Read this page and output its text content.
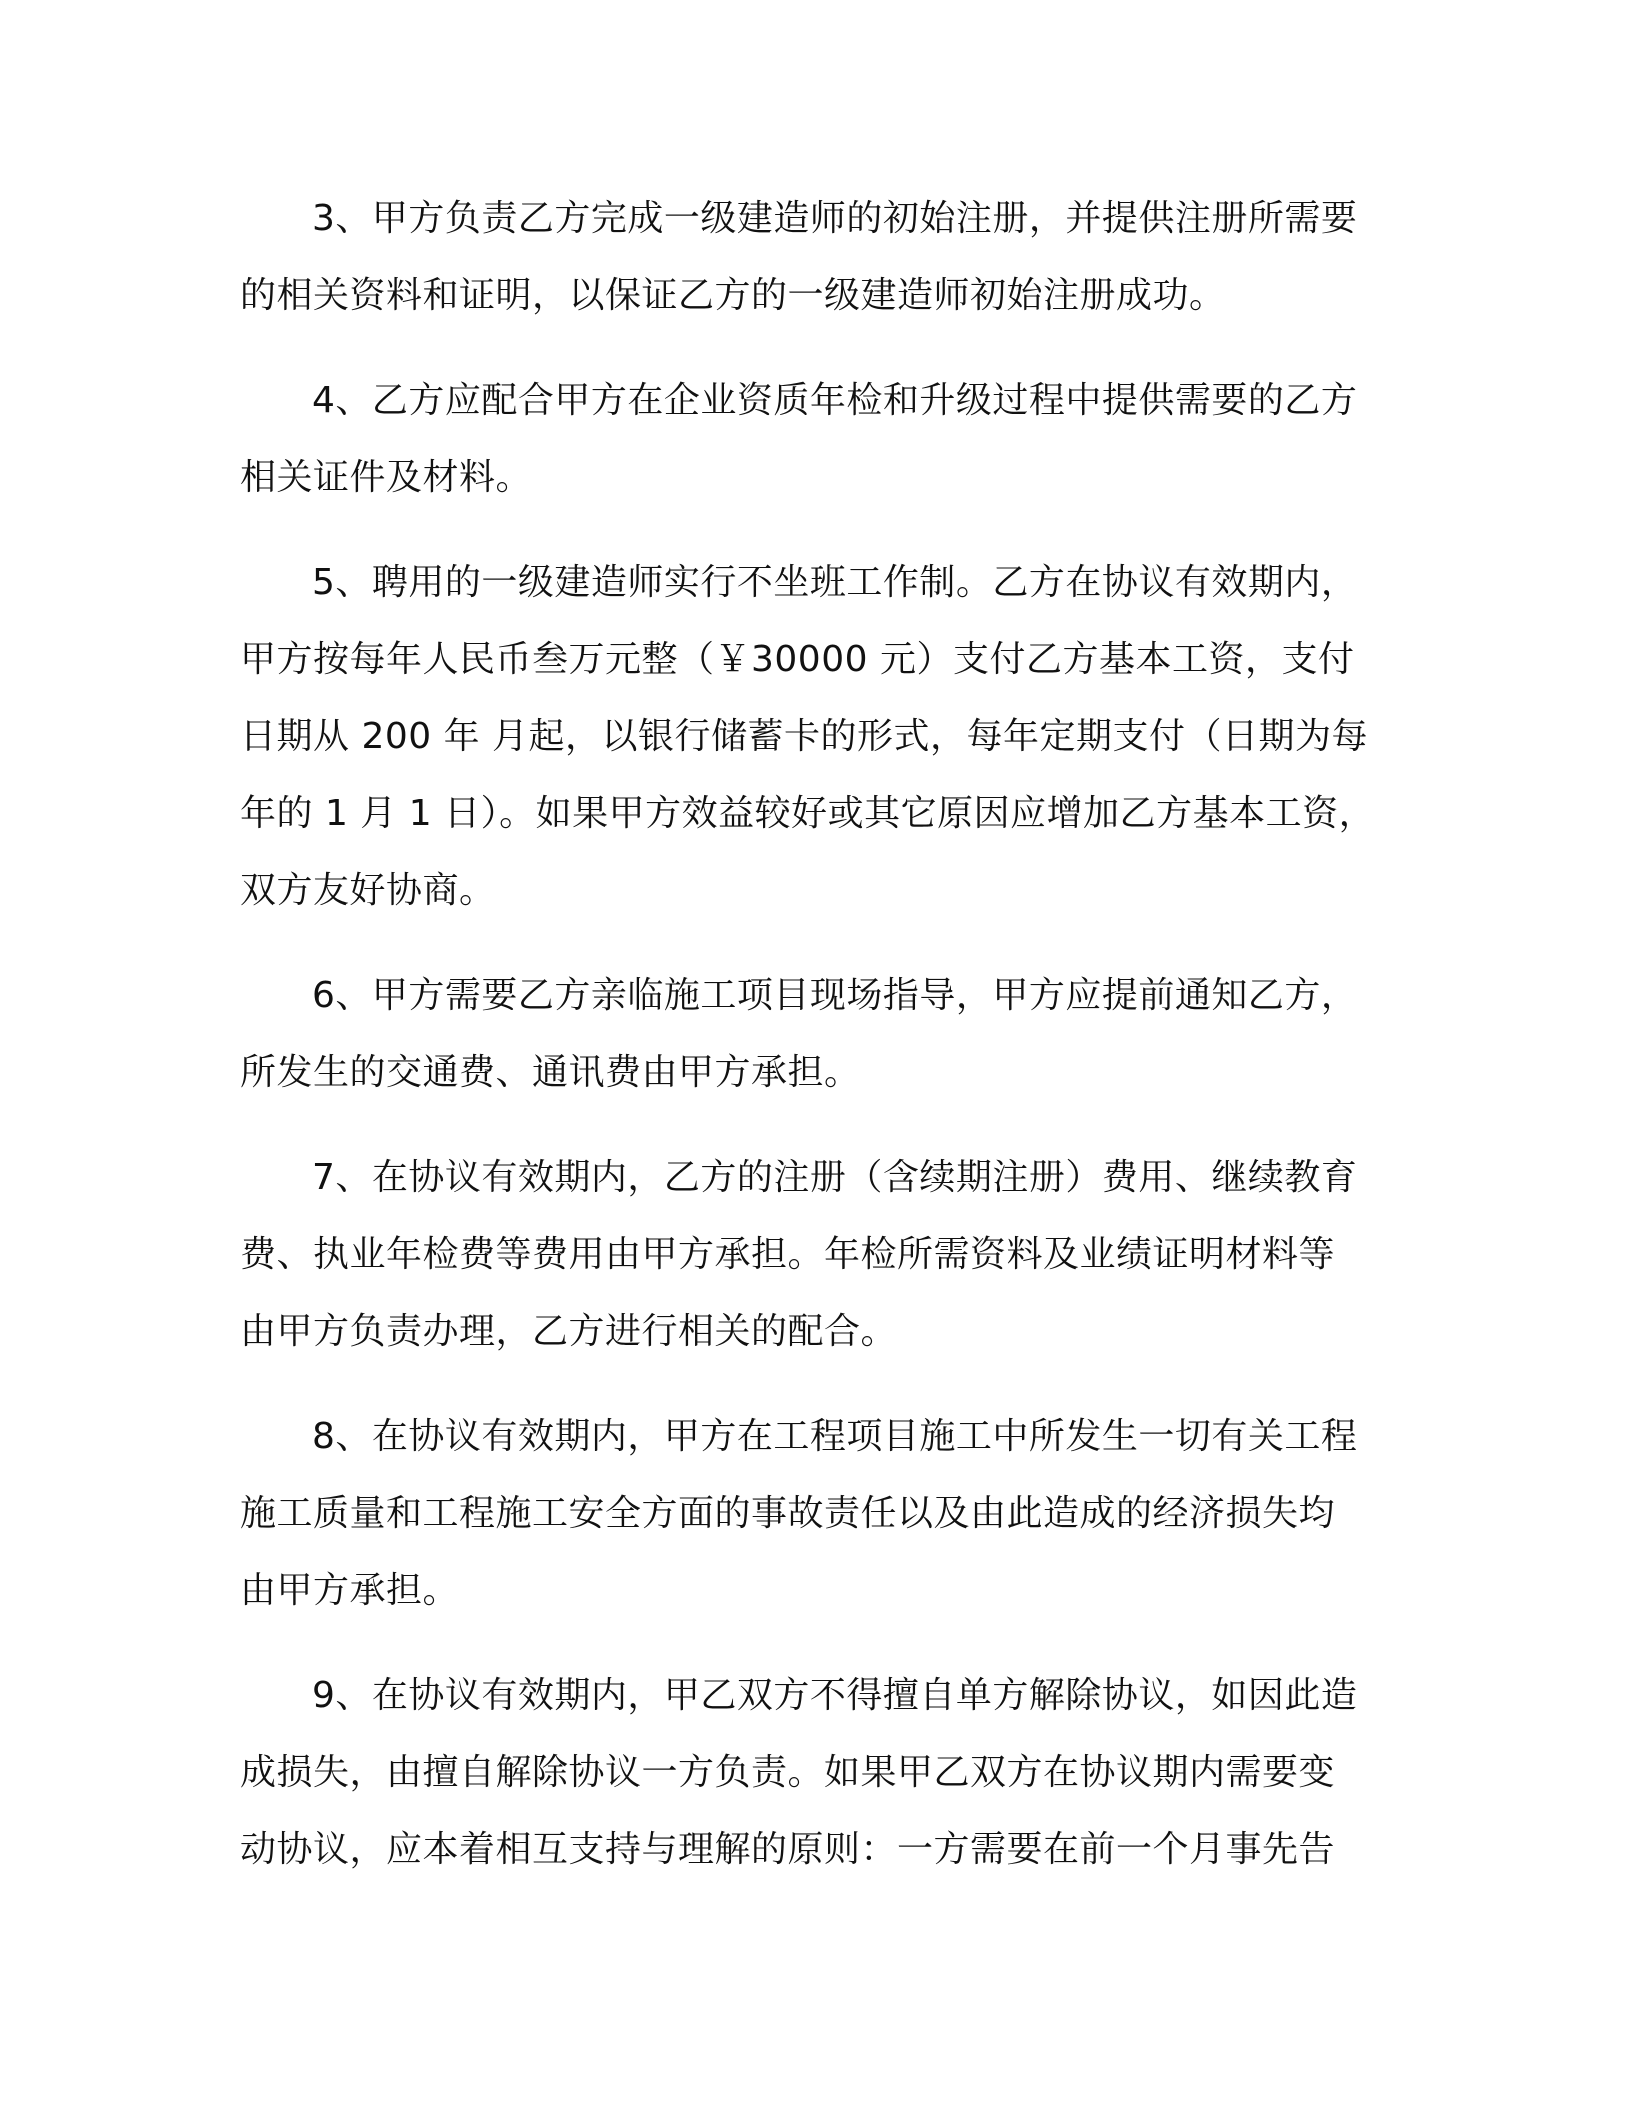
3、甲方负责乙方完成一级建造师的初始注册，并提供注册所需要
的相关资料和证明，以保证乙方的一级建造师初始注册成功。
4、乙方应配合甲方在企业资质年检和升级过程中提供需要的乙方
相关证件及材料。
5、聘用的一级建造师实行不坐班工作制。乙方在协议有效期内，
甲方按每年人民币叁万元整（￥30000 元）支付乙方基本工资，支付
日期从 200 年 月起，以银行储蓄卡的形式，每年定期支付（日期为每
年的 1 月 1 日）。如果甲方效益较好或其它原因应增加乙方基本工资，
双方友好协商。
6、甲方需要乙方亲临施工项目现场指导，甲方应提前通知乙方，
所发生的交通费、通讯费由甲方承担。
7、在协议有效期内，乙方的注册（含续期注册）费用、继续教育
费、执业年检费等费用由甲方承担。年检所需资料及业绩证明材料等
由甲方负责办理，乙方进行相关的配合。
8、在协议有效期内，甲方在工程项目施工中所发生一切有关工程
施工质量和工程施工安全方面的事故责任以及由此造成的经济损失均
由甲方承担。
9、在协议有效期内，甲乙双方不得擅自单方解除协议，如因此造
成损失，由擅自解除协议一方负责。如果甲乙双方在协议期内需要变
动协议，应本着相互支持与理解的原则：一方需要在前一个月事先告
